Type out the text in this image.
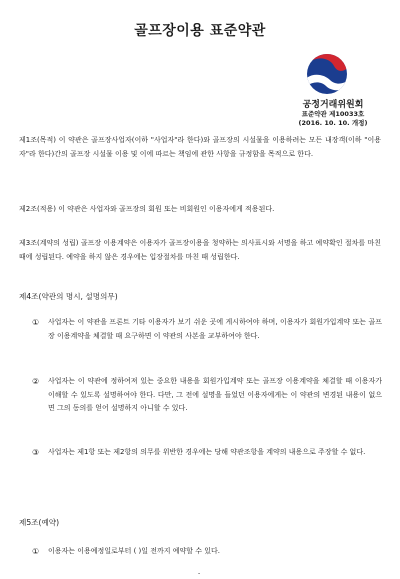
골프장이용 표준약관
공정거래위원회
표준약관 제10033호
(2016. 10. 10. 개정)
제1조(목적) 이 약관은 골프장사업자(이하 "사업자"라 한다)와 골프장의 시설물을 이용하려는 모든 내장객(이하 "이용자"라 한다)간의 골프장 시설물 이용 및 이에 따르는 책임에 관한 사항을 규정함을 목적으로 한다.
제2조(적용) 이 약관은 사업자와 골프장의 회원 또는 비회원인 이용자에게 적용된다.
제3조(계약의 성립) 골프장 이용계약은 이용자가 골프장이용을 청약하는 의사표시와 서명을 하고 예약확인 절차를 마친 때에 성립된다. 예약을 하지 않은 경우에는 입장절차를 마친 때 성립한다.
제4조(약관의 명시, 설명의무)
① 사업자는 이 약관을 프론트 기타 이용자가 보기 쉬운 곳에 게시하여야 하며, 이용자가 회원가입계약 또는 골프장 이용계약을 체결할 때 요구하면 이 약관의 사본을 교부하여야 한다.
② 사업자는 이 약관에 정하여져 있는 중요한 내용을 회원가입계약 또는 골프장 이용계약을 체결할 때 이용자가 이해할 수 있도록 설명하여야 한다. 다만, 그 전에 설명을 들었던 이용자에게는 이 약관의 변경된 내용이 없으면 그의 동의를 얻어 설명하지 아니할 수 있다.
③ 사업자는 제1항 또는 제2항의 의무를 위반한 경우에는 당해 약관조항을 계약의 내용으로 주장할 수 없다.
제5조(예약)
① 이용자는 이용예정일로부터 ( )일 전까지 예약할 수 있다.
-
